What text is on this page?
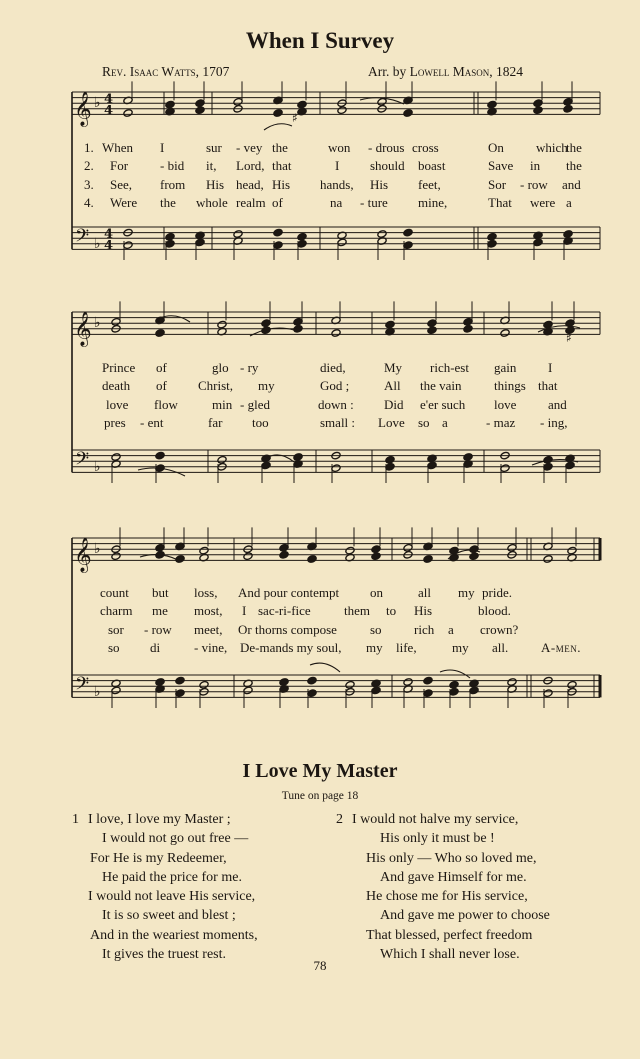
When I Survey
Rev. Isaac Watts, 1707	Arr. by Lowell Mason, 1824
𝄞
𝄢
♭
♭
4
4
4
4
𝄞
𝄢
♭
♭
𝄞
𝄢
♭
♭
♯
♯
1.
2.
3.
4.
When I	sur - vey the	won - drous cross	On which
the
For - bid it, Lord, that	I should boast	Save in the
See, from His head, His hands, His feet,	Sor - row and
Were the whole realm of	na - ture mine,	That were a
Prince of	glo - ry	died,	My rich-est gain I
death of Christ, my	God ;	All the vain things that
love flow	min - gled	down : Did e'er such love and
pres - ent	far too	small : Love so a	- maz - ing,
count but loss, And pour contempt on	all my pride.
charm me most, I sac-ri-fice	them to His	blood.
sor - row meet, Or thorns compose	so rich a crown?
so di	- vine, De-mands my soul, my life,	my all.	A-men.
I Love My Master
Tune on page 18
1 I love, I love my Master ;
I would not go out free —
For He is my Redeemer,
He paid the price for me.
I would not leave His service,
It is so sweet and blest ;
And in the weariest moments,
It gives the truest rest.
2 I would not halve my service,
His only it must be !
His only — Who so loved me,
And gave Himself for me.
He chose me for His service,
And gave me power to choose
That blessed, perfect freedom
Which I shall never lose.
78
